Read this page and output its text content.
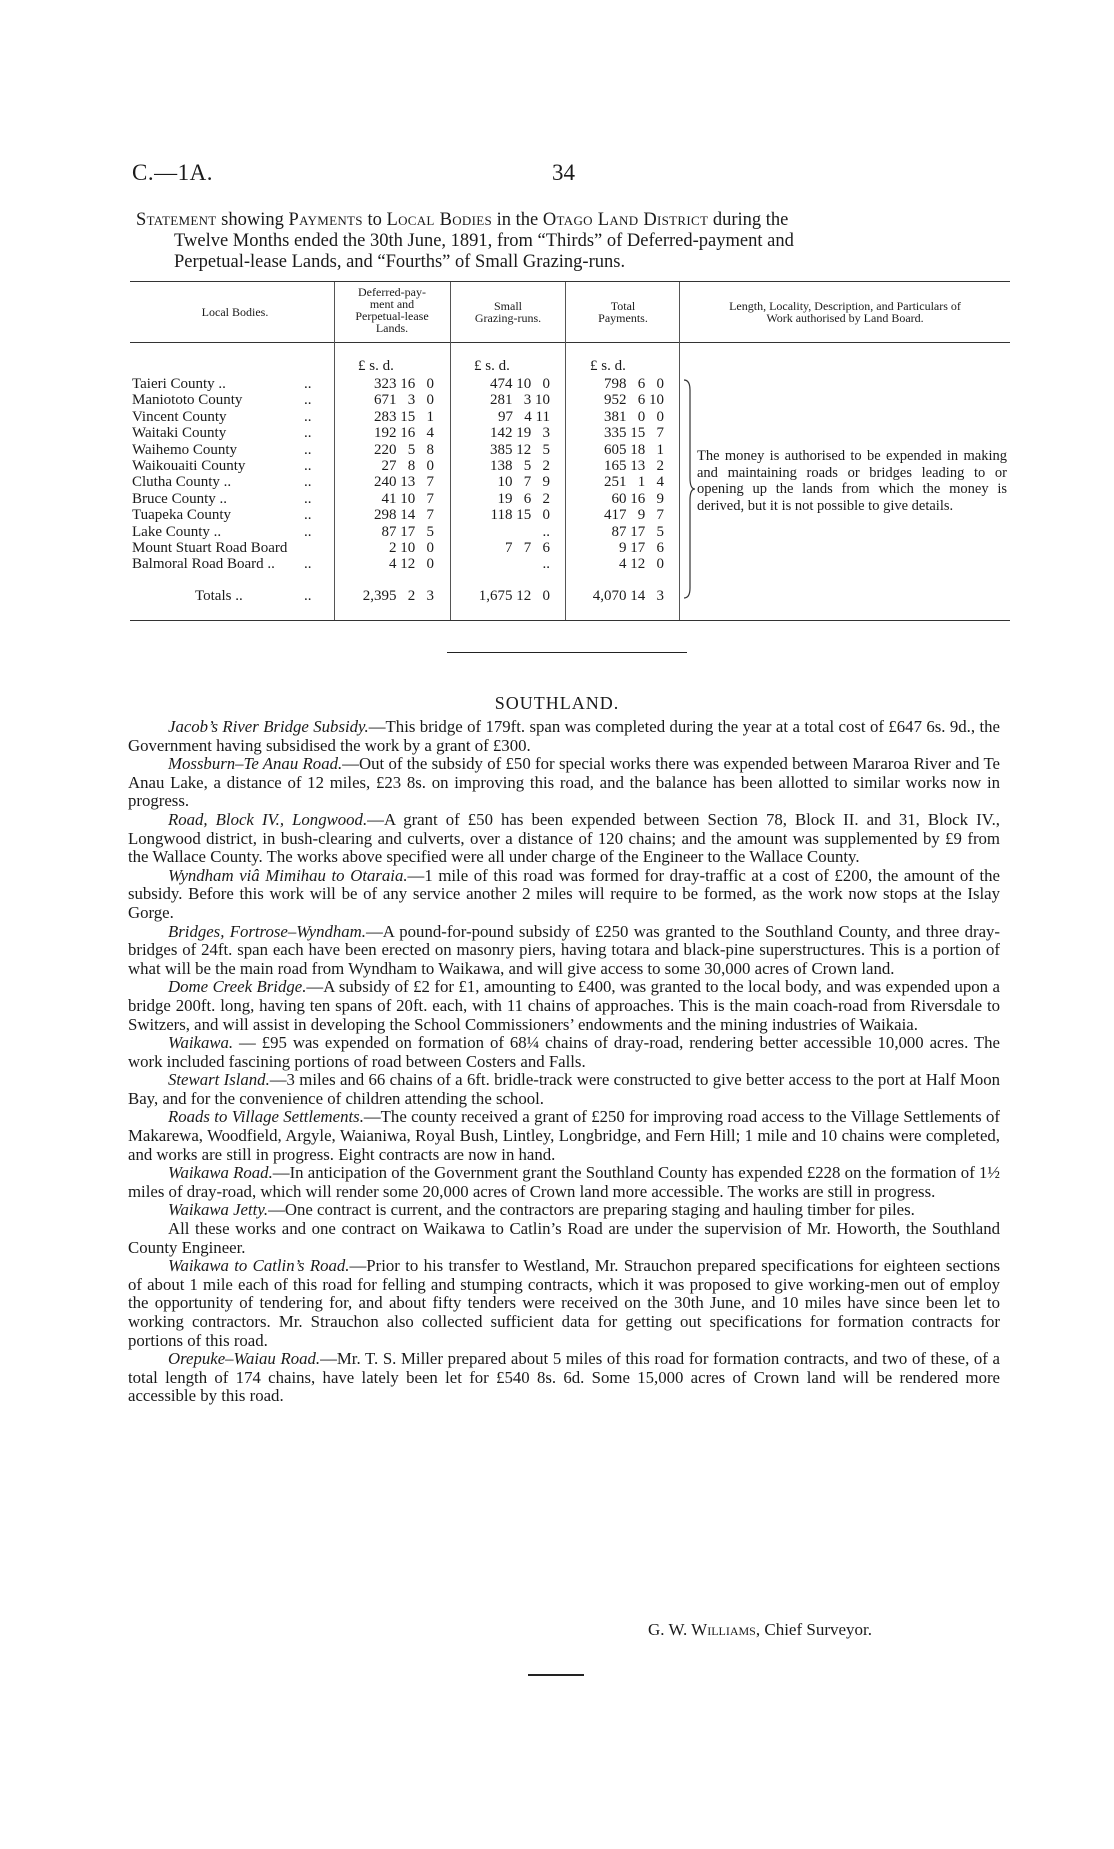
C.—1A.	34
Statement showing Payments to Local Bodies in the Otago Land District during the
Twelve Months ended the 30th June, 1891, from “Thirds” of Deferred-payment and
Perpetual-lease Lands, and “Fourths” of Small Grazing-runs.
Local Bodies.
Deferred-pay-
ment and
Perpetual-lease
Lands.
Small
Grazing-runs.
Total
Payments.
Length, Locality, Description, and Particulars of
Work authorised by Land Board.
£ s. d.	£ s. d.	£ s. d.
Taieri County ..	..	323 16   0	474 10   0	798   6   0
Maniototo County	..	671   3   0	281   3 10	952   6 10
Vincent County	..	283 15   1	97   4 11	381   0   0
Waitaki County	..	192 16   4	142 19   3	335 15   7
Waihemo County	..	220   5   8	385 12   5	605 18   1
Waikouaiti County	..	27   8   0	138   5   2	165 13   2
Clutha County ..	..	240 13   7	10   7   9	251   1   4
Bruce County ..	..	41 10   7	19   6   2	60 16   9
Tuapeka County	..	298 14   7	118 15   0	417   9   7
Lake County ..	..	87 17   5	..	87 17   5
Mount Stuart Road Board	2 10   0	7   7   6	9 17   6
Balmoral Road Board .. ..	4 12   0	..	4 12   0
Totals ..	..	2,395   2   3	1,675 12   0	4,070 14   3
The money is authorised to be expended in making and maintaining roads or bridges leading to or opening up the lands from which the money is derived, but it is not possible to give details.
SOUTHLAND.

Jacob’s River Bridge Subsidy.—This bridge of 179ft. span was completed during the year at a total cost of £647 6s. 9d., the Government having subsidised the work by a grant of £300.

Mossburn–Te Anau Road.—Out of the subsidy of £50 for special works there was expended between Mararoa River and Te Anau Lake, a distance of 12 miles, £23 8s. on improving this road, and the balance has been allotted to similar works now in progress.

Road, Block IV., Longwood.—A grant of £50 has been expended between Section 78, Block II. and 31, Block IV., Longwood district, in bush-clearing and culverts, over a distance of 120 chains; and the amount was supplemented by £9 from the Wallace County. The works above specified were all under charge of the Engineer to the Wallace County.

Wyndham viâ Mimihau to Otaraia.—1 mile of this road was formed for dray-traffic at a cost of £200, the amount of the subsidy. Before this work will be of any service another 2 miles will require to be formed, as the work now stops at the Islay Gorge.

Bridges, Fortrose–Wyndham.—A pound-for-pound subsidy of £250 was granted to the Southland County, and three dray-bridges of 24ft. span each have been erected on masonry piers, having totara and black-pine superstructures. This is a portion of what will be the main road from Wyndham to Waikawa, and will give access to some 30,000 acres of Crown land.

Dome Creek Bridge.—A subsidy of £2 for £1, amounting to £400, was granted to the local body, and was expended upon a bridge 200ft. long, having ten spans of 20ft. each, with 11 chains of approaches. This is the main coach-road from Riversdale to Switzers, and will assist in developing the School Commissioners’ endowments and the mining industries of Waikaia.

Waikawa. — £95 was expended on formation of 68¼ chains of dray-road, rendering better accessible 10,000 acres. The work included fascining portions of road between Costers and Falls.

Stewart Island.—3 miles and 66 chains of a 6ft. bridle-track were constructed to give better access to the port at Half Moon Bay, and for the convenience of children attending the school.

Roads to Village Settlements.—The county received a grant of £250 for improving road access to the Village Settlements of Makarewa, Woodfield, Argyle, Waianiwa, Royal Bush, Lintley, Longbridge, and Fern Hill; 1 mile and 10 chains were completed, and works are still in progress. Eight contracts are now in hand.

Waikawa Road.—In anticipation of the Government grant the Southland County has expended £228 on the formation of 1½ miles of dray-road, which will render some 20,000 acres of Crown land more accessible. The works are still in progress.

Waikawa Jetty.—One contract is current, and the contractors are preparing staging and hauling timber for piles.

All these works and one contract on Waikawa to Catlin’s Road are under the supervision of Mr. Howorth, the Southland County Engineer.

Waikawa to Catlin’s Road.—Prior to his transfer to Westland, Mr. Strauchon prepared specifications for eighteen sections of about 1 mile each of this road for felling and stumping contracts, which it was proposed to give working-men out of employ the opportunity of tendering for, and about fifty tenders were received on the 30th June, and 10 miles have since been let to working contractors. Mr. Strauchon also collected sufficient data for getting out specifications for formation contracts for portions of this road.

Orepuke–Waiau Road.—Mr. T. S. Miller prepared about 5 miles of this road for formation contracts, and two of these, of a total length of 174 chains, have lately been let for £540 8s. 6d. Some 15,000 acres of Crown land will be rendered more accessible by this road.

G. W. Williams, Chief Surveyor.
